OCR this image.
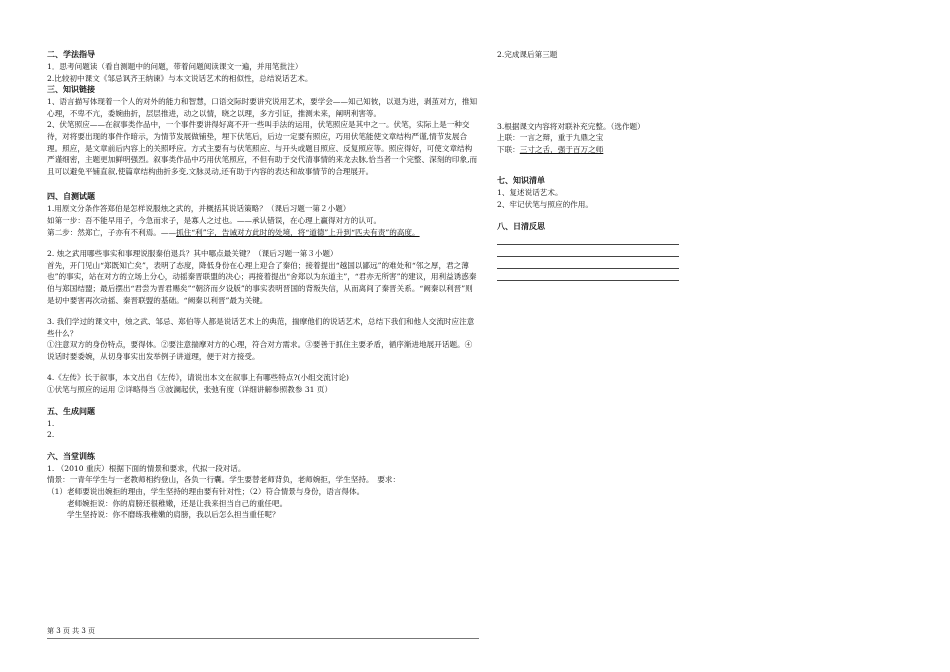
二、学法指导

1．思考问题读（看自测题中的问题，带着问题阅读课文一遍，并用笔批注）

2.比较初中课文《邹忌讽齐王纳谏》与本文说话艺术的相似性，总结说话艺术。

三、知识链接

1、语言描写体现着一个人的对外的能力和智慧，口语交际时要讲究说用艺术，要学会——知己知彼，以退为进，剥茧对方，推知心理，不卑不亢，委婉曲折，层层推进，动之以情，晓之以理，多方引证，推测未来，阐明利害等。

2、伏笔照应——在叙事类作品中，一个事件要讲得好离不开一些叫手法的运用，伏笔照应是其中之一。伏笔，实际上是一种交待，对将要出现的事件作暗示，为情节发展做铺垫，埋下伏笔后，后边一定要有照应，巧用伏笔能使文章结构严谨,情节发展合理。照应，是文章前后内容上的关照呼应。方式主要有与伏笔照应、与开头或题目照应、反复照应等。照应得好，可使文章结构严谨细密，主题更加鲜明强烈。叙事类作品中巧用伏笔照应，不但有助于交代清事情的来龙去脉,恰当者一个完整、深刻的印象,而且可以避免平铺直叙,使篇章结构曲折多变,文脉灵动,还有助于内容的表达和故事情节的合理展开。

四、自测试题

1.用原文分条作答郑伯是怎样说服烛之武的，并概括其说话策略？（课后习题一第２小题）

如第一步：吾不能早用子，今急而求子，是寡人之过也。——承认错误，在心理上赢得对方的认可。

第二步：然郑亡，子亦有不利焉。——抓住“利”字，告诫对方此时的处境，将“道德”上升到“匹夫有责”的高度。

2. 烛之武用哪些事实和事理说服秦伯退兵？其中哪点最关键？（课后习题一第３小题）

首先，开门见山“郑既知亡矣”，表明了态度，降低身份在心理上迎合了秦伯；接着提出“越国以鄙远”的难处和“邻之厚，君之薄也”的事实，站在对方的立场上分心，动摇秦晋联盟的决心；再接着提出“舍郑以为东道主”，“君亦无所害”的建议，用利益诱惑秦伯与郑国结盟；最后摆出“君尝为晋君赐矣”“朝济而夕设版”的事实表明晋国的背叛失信，从而离间了秦晋关系。“阙秦以利晋”则是切中要害再次动摇、秦晋联盟的基础。“阙秦以利晋”最为关键。

3. 我们学过的课文中，烛之武、邹忌、郑伯等人都是说话艺术上的典范，揣摩他们的说话艺术，总结下我们和他人交流时应注意些什么？

①注意双方的身份特点，要得体。②要注意揣摩对方的心理，符合对方需求。③要善于抓住主要矛盾，循序渐进地展开话题。④说话时要委婉，从切身事实出发举例子讲道理，便于对方接受。

4.《左传》长于叙事，本文出自《左传》，请说出本文在叙事上有哪些特点?(小组交流讨论)

①伏笔与照应的运用 ②详略得当 ③波澜起伏，张弛有度（详细讲解参照教参 31 页）

五、生成问题

1.

2.

六、当堂训练

1. （2010 重庆）根据下面的情景和要求，代拟一段对话。

情景：一青年学生与一老教师相约登山，各负一行囊。学生要替老师背负，老师婉拒，学生坚持。　要求：

（1）老师要说出婉拒的理由，学生坚持的理由要有针对性；（2）符合情景与身份，语言得体。

老师婉拒说：你的肩膀还很稚嫩，还是让我来担当自己的重任吧。

学生坚持说：你不磨练我稚嫩的肩膀，我以后怎么担当重任呢？

第 3 页 共 3 页

2.完成课后第三题

3.根据课文内容将对联补充完整。（选作题）

上联：一言之辩，重于九鼎之宝

下联：三寸之舌，强于百万之师

七、知识清单

1、复述说话艺术。

2、牢记伏笔与照应的作用。

八、日清反思
